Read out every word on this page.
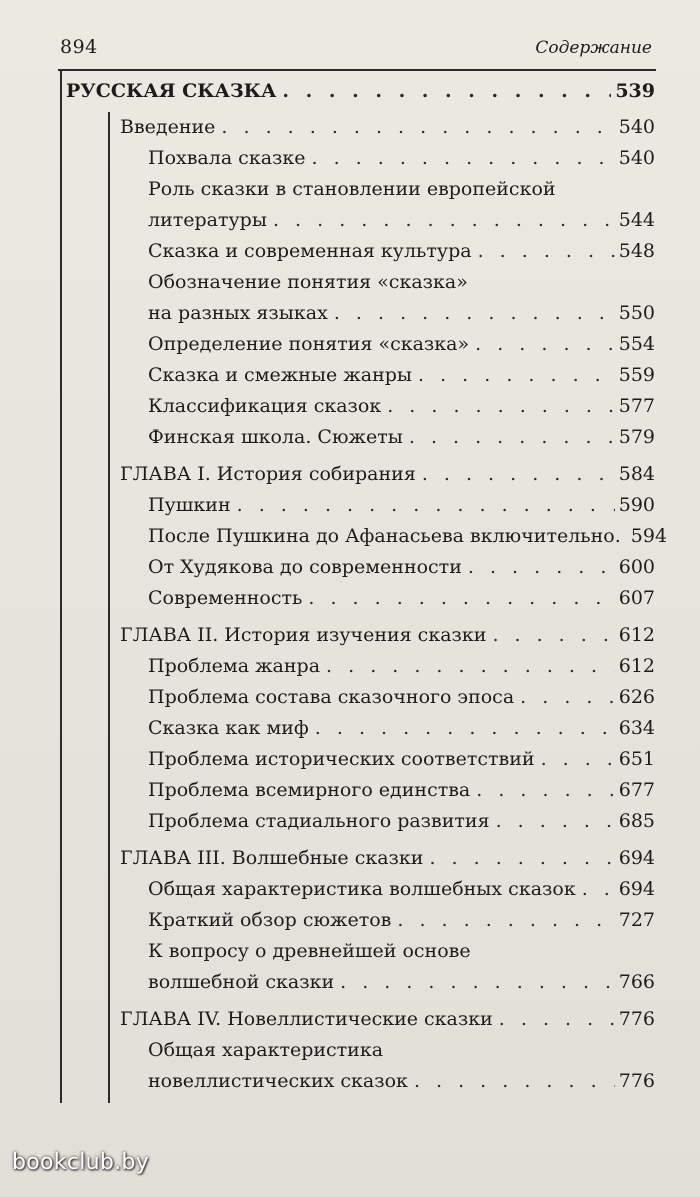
894	Содержание
РУССКАЯ СКАЗКА . . .	539
Введение . . .	540
Похвала сказке . . .	540
Роль сказки в становлении европейской
литературы . . .	544
Сказка и современная культура . . .	548
Обозначение понятия «сказка»
на разных языках . . .	550
Определение понятия «сказка» . . .	554
Сказка и смежные жанры . . .	559
Классификация сказок . . .	577
Финская школа. Сюжеты . . .	579
ГЛАВА I. История собирания . . .	584
Пушкин . . .	590
После Пушкина до Афанасьева включительно. 594
От Худякова до современности . . .	600
Современность . . .	607
ГЛАВА II. История изучения сказки . . .	612
Проблема жанра . . .	612
Проблема состава сказочного эпоса . . .	626
Сказка как миф . . .	634
Проблема исторических соответствий . . .	651
Проблема всемирного единства . . .	677
Проблема стадиального развития . . .	685
ГЛАВА III. Волшебные сказки . . .	694
Общая характеристика волшебных сказок . . .	694
Краткий обзор сюжетов . . .	727
К вопросу о древнейшей основе
волшебной сказки . . .	766
ГЛАВА IV. Новеллистические сказки . . .	776
Общая характеристика
новеллистических сказок . . .	776
bookclub.by
